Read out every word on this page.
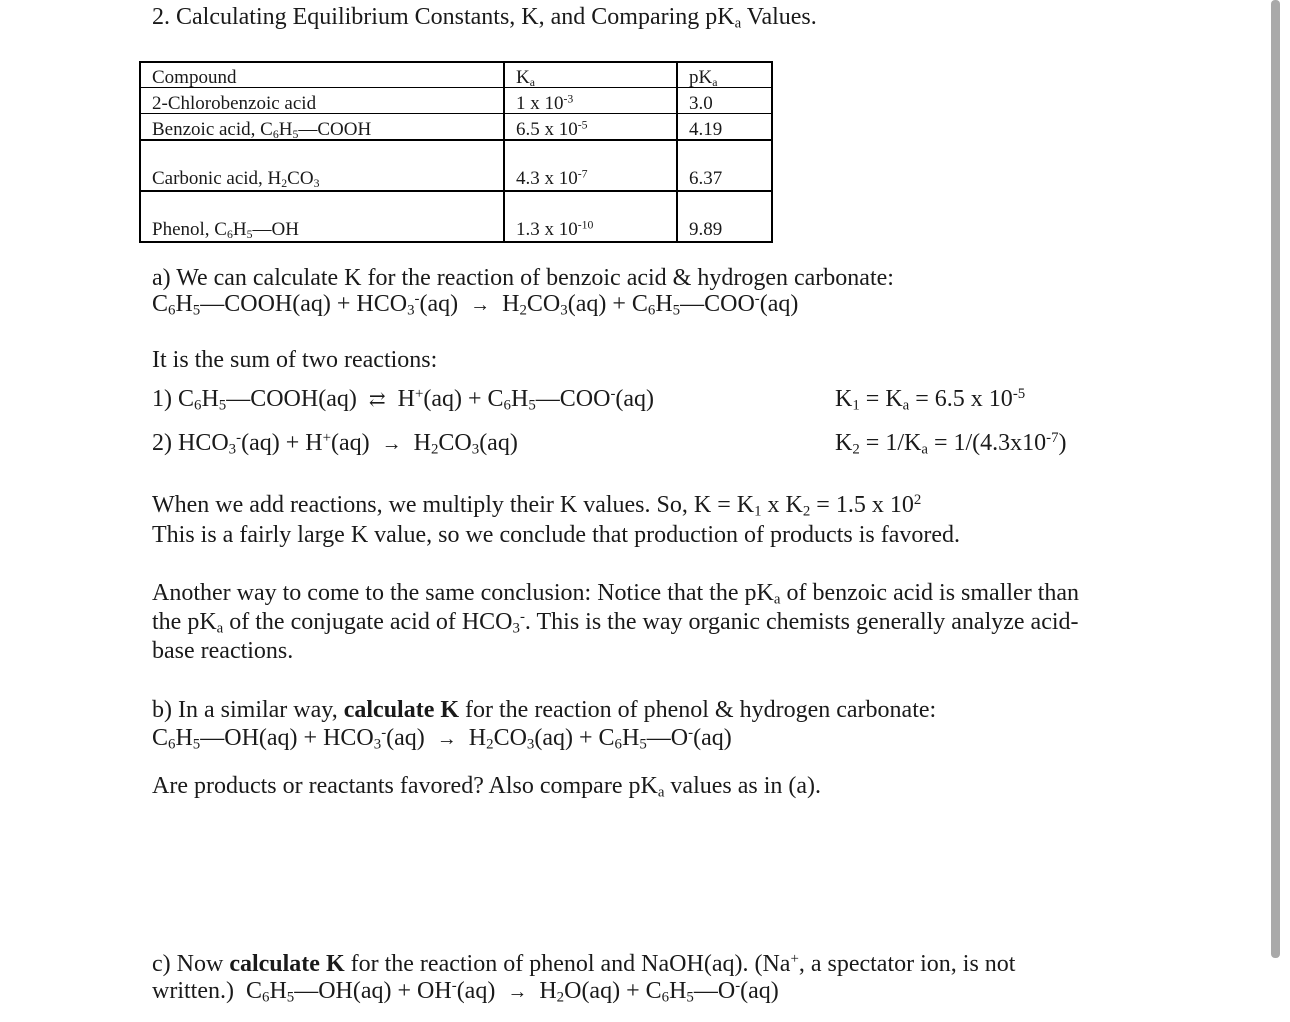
2. Calculating Equilibrium Constants, K, and Comparing $pK_a$ Values.
Compound	$K_a$	$pK_a$
2-Chlorobenzoic acid	1 x $10^{-3}$	3.0
Benzoic acid, $C_6H_5—COOH$	6.5 x $10^{-5}$	4.19
Carbonic acid, $H_2CO_3$	4.3 x $10^{-7}$	6.37
Phenol, $C_6H_5—OH$	1.3 x $10^{-10}$	9.89
a) We can calculate K for the reaction of benzoic acid & hydrogen carbonate:
$C_6H_5—COOH(aq) + HCO_3^-(aq) \to H_2CO_3(aq)$ + $C_6H_5—COO^-(aq)$
It is the sum of two reactions:
1) $C_6H_5—COOH(aq)$ ⇄ $H^+(aq) + C_6H_5—COO^-(aq)$	$K_1 = K_a = 6.5$ x $10^{-5}$
2) $HCO_3^-(aq) + H^+(aq) \to H_2CO_3(aq)$	$K_2 = 1/K_a = 1/(4.3x10^{-7})$
When we add reactions, we multiply their K values. So, $K = K_1$ x $K_2 = 1.5$ x $10^2$
This is a fairly large K value, so we conclude that production of products is favored.
Another way to come to the same conclusion: Notice that the $pK_a$ of benzoic acid is smaller than
the $pK_a$ of the conjugate acid of $HCO_3^-$. This is the way organic chemists generally analyze acid-
base reactions.
b) In a similar way, calculate K for the reaction of phenol & hydrogen carbonate:
$C_6H_5—OH(aq) + HCO_3^-(aq) \to H_2CO_3(aq)$ + $C_6H_5—O^-(aq)$
Are products or reactants favored? Also compare $pK_a$ values as in (a).
c) Now calculate K for the reaction of phenol and NaOH(aq). (Na+, a spectator ion, is not
written.)  $C_6H_5—OH(aq) + OH^-(aq) \to H_2O(aq)$ + $C_6H_5—O^-(aq)$
